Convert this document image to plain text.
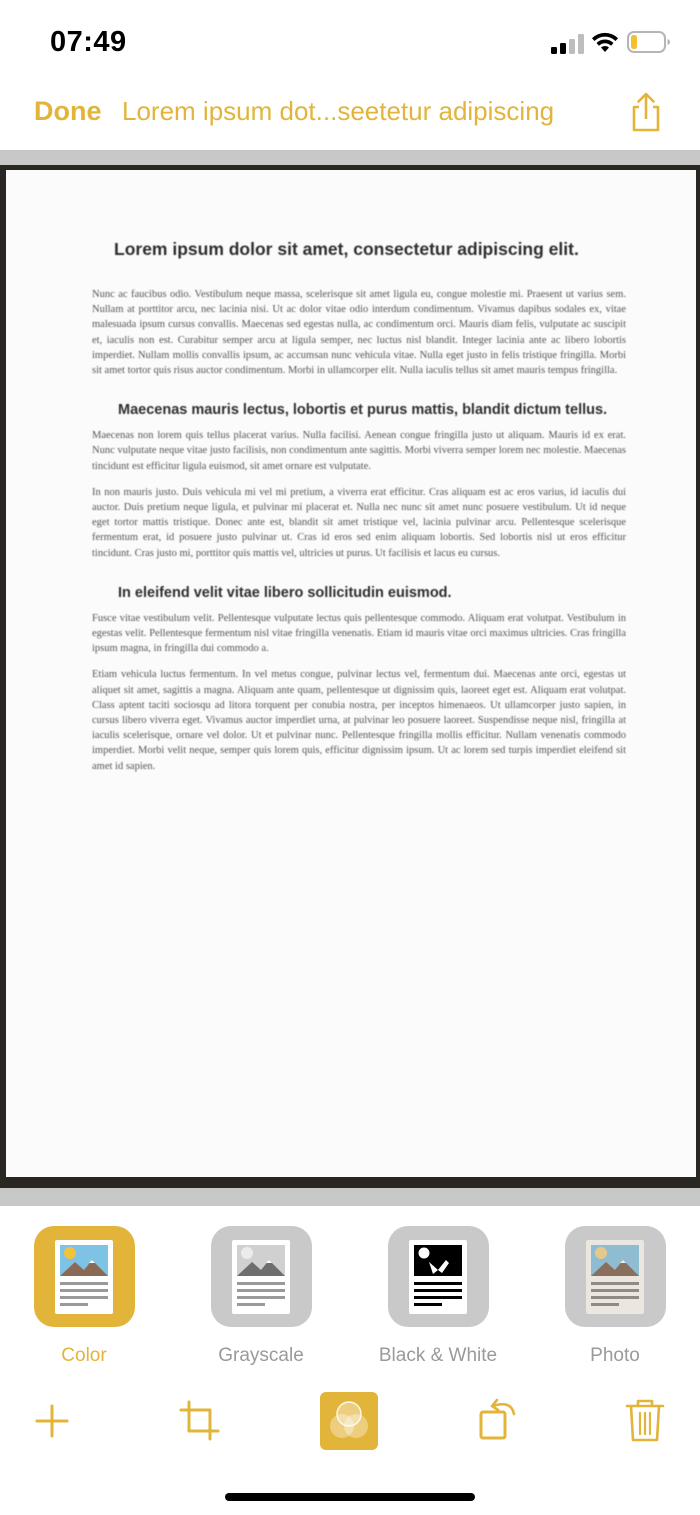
07:49
Done Lorem ipsum dot...seetetur adipiscing
Lorem ipsum dolor sit amet, consectetur adipiscing elit.
Nunc ac faucibus odio. Vestibulum neque massa, scelerisque sit amet ligula eu, congue molestie mi. Praesent ut varius sem. Nullam at porttitor arcu, nec lacinia nisi. Ut ac dolor vitae odio interdum condimentum. Vivamus dapibus sodales ex, vitae malesuada ipsum cursus convallis. Maecenas sed egestas nulla, ac condimentum orci. Mauris diam felis, vulputate ac suscipit et, iaculis non est. Curabitur semper arcu at ligula semper, nec luctus nisl blandit. Integer lacinia ante ac libero lobortis imperdiet. Nullam mollis convallis ipsum, ac accumsan nunc vehicula vitae. Nulla eget justo in felis tristique fringilla. Morbi sit amet tortor quis risus auctor condimentum. Morbi in ullamcorper elit. Nulla iaculis tellus sit amet mauris tempus fringilla.
Maecenas mauris lectus, lobortis et purus mattis, blandit dictum tellus.
Maecenas non lorem quis tellus placerat varius. Nulla facilisi. Aenean congue fringilla justo ut aliquam. Mauris id ex erat. Nunc vulputate neque vitae justo facilisis, non condimentum ante sagittis. Morbi viverra semper lorem nec molestie. Maecenas tincidunt est efficitur ligula euismod, sit amet ornare est vulputate.
In non mauris justo. Duis vehicula mi vel mi pretium, a viverra erat efficitur. Cras aliquam est ac eros varius, id iaculis dui auctor. Duis pretium neque ligula, et pulvinar mi placerat et. Nulla nec nunc sit amet nunc posuere vestibulum. Ut id neque eget tortor mattis tristique. Donec ante est, blandit sit amet tristique vel, lacinia pulvinar arcu. Pellentesque scelerisque fermentum erat, id posuere justo pulvinar ut. Cras id eros sed enim aliquam lobortis. Sed lobortis nisl ut eros efficitur tincidunt. Cras justo mi, porttitor quis mattis vel, ultricies ut purus. Ut facilisis et lacus eu cursus.
In eleifend velit vitae libero sollicitudin euismod.
Fusce vitae vestibulum velit. Pellentesque vulputate lectus quis pellentesque commodo. Aliquam erat volutpat. Vestibulum in egestas velit. Pellentesque fermentum nisl vitae fringilla venenatis. Etiam id mauris vitae orci maximus ultricies. Cras fringilla ipsum magna, in fringilla dui commodo a.
Etiam vehicula luctus fermentum. In vel metus congue, pulvinar lectus vel, fermentum dui. Maecenas ante orci, egestas ut aliquet sit amet, sagittis a magna. Aliquam ante quam, pellentesque ut dignissim quis, laoreet eget est. Aliquam erat volutpat. Class aptent taciti sociosqu ad litora torquent per conubia nostra, per inceptos himenaeos. Ut ullamcorper justo sapien, in cursus libero viverra eget. Vivamus auctor imperdiet urna, at pulvinar leo posuere laoreet. Suspendisse neque nisl, fringilla at iaculis scelerisque, ornare vel dolor. Ut et pulvinar nunc. Pellentesque fringilla mollis efficitur. Nullam venenatis commodo imperdiet. Morbi velit neque, semper quis lorem quis, efficitur dignissim ipsum. Ut ac lorem sed turpis imperdiet eleifend sit amet id sapien.
Color	Grayscale	Black & White	Photo
